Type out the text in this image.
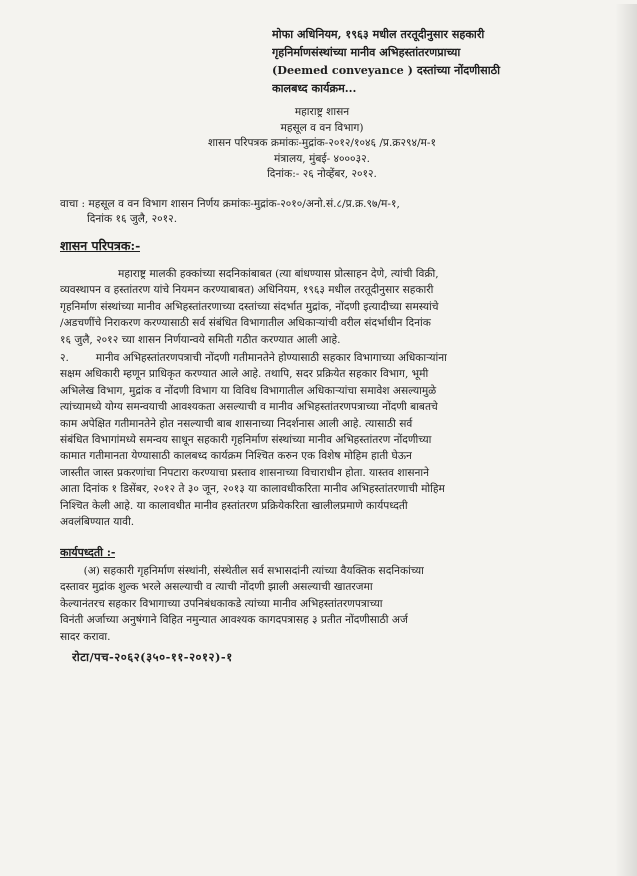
मोफा अधिनियम, १९६३ मधील तरतूदीनुसार सहकारी
गृहनिर्माणसंस्थांच्या मानीव अभिहस्तांतरणप्राच्या
(Deemed conveyance ) दस्तांच्या नोंदणीसाठी
कालबध्द कार्यक्रम...
महाराष्ट्र शासन
महसूल व वन विभाग)
शासन परिपत्रक क्रमांकः-मुद्रांक-२०१२/१०४६ /प्र.क्र२९४/म-१
मंत्रालय, मुंबई- ४०००३२.
दिनांक:- २६ नोव्हेंबर, २०१२.
वाचा : महसूल व वन विभाग शासन निर्णय क्रमांकः-मुद्रांक-२०१०/अनो.सं.८/प्र.क्र.९७/म-१,
दिनांक १६ जुलै, २०१२.
शासन परिपत्रक:-
महाराष्ट्र मालकी हक्कांच्या सदनिकांबाबत (त्या बांधण्यास प्रोत्साहन देणे, त्यांची विक्री,
व्यवस्थापन व हस्तांतरण यांचे नियमन करण्याबाबत) अधिनियम, १९६३ मधील तरतूदीनुसार सहकारी
गृहनिर्माण संस्थांच्या मानीव अभिहस्तांतरणाच्या दस्तांच्या संदर्भात मुद्रांक, नोंदणी इत्यादीच्या समस्यांचे
/अडचणींचे निराकरण करण्यासाठी सर्व संबंधित विभागातील अधिकाऱ्यांची वरील संदर्भाधीन दिनांक
१६ जुलै, २०१२ च्या शासन निर्णयान्वये समिती गठीत करण्यात आली आहे.
२.        मानीव अभिहस्तांतरणपत्राची नोंदणी गतीमानतेने होण्यासाठी सहकार विभागाच्या अधिकाऱ्यांना
सक्षम अधिकारी म्हणून प्राधिकृत करण्यात आले आहे. तथापि, सदर प्रक्रियेत सहकार विभाग, भूमी
अभिलेख विभाग, मुद्रांक व नोंदणी विभाग या विविध विभागातील अधिकाऱ्यांचा समावेश असल्यामुळे
त्यांच्यामध्ये योग्य समन्वयाची आवश्यकता असल्याची व मानीव अभिहस्तांतरणपत्राच्या नोंदणी बाबतचे
काम अपेक्षित गतीमानतेने होत नसल्याची बाब शासनाच्या निदर्शनास आली आहे. त्यासाठी सर्व
संबंधित विभागांमध्ये समन्वय साधून सहकारी गृहनिर्माण संस्थांच्या मानीव अभिहस्तांतरण नोंदणीच्या
कामात गतीमानता येण्यासाठी कालबध्द कार्यक्रम निश्चित करुन एक विशेष मोहिम हाती घेऊन
जास्तीत जास्त प्रकरणांचा निपटारा करण्याचा प्रस्ताव शासनाच्या विचाराधीन होता. यास्तव शासनाने
आता दिनांक १ डिसेंबर, २०१२ ते ३० जून, २०१३ या कालावधीकरिता मानीव अभिहस्तांतरणाची मोहिम
निश्चित केली आहे. या कालावधीत मानीव हस्तांतरण प्रक्रियेकरिता खालीलप्रमाणे कार्यपध्दती
अवलंबिण्यात यावी.
कार्यपध्दती :-
(अ) सहकारी गृहनिर्माण संस्थांनी, संस्थेतील सर्व सभासदांनी त्यांच्या वैयक्तिक सदनिकांच्या
दस्तावर मुद्रांक शुल्क भरले असल्याची व त्याची नोंदणी झाली असल्याची खातरजमा
केल्यानंतरच सहकार विभागाच्या उपनिबंधकाकडे त्यांच्या मानीव अभिहस्तांतरणपत्राच्या
विनंती अर्जाच्या अनुषंगाने विहित नमुन्यात आवश्यक कागदपत्रासह ३ प्रतीत नोंदणीसाठी अर्ज
सादर करावा.
रोटा/पच-२०६२(३५०-११-२०१२)-१
